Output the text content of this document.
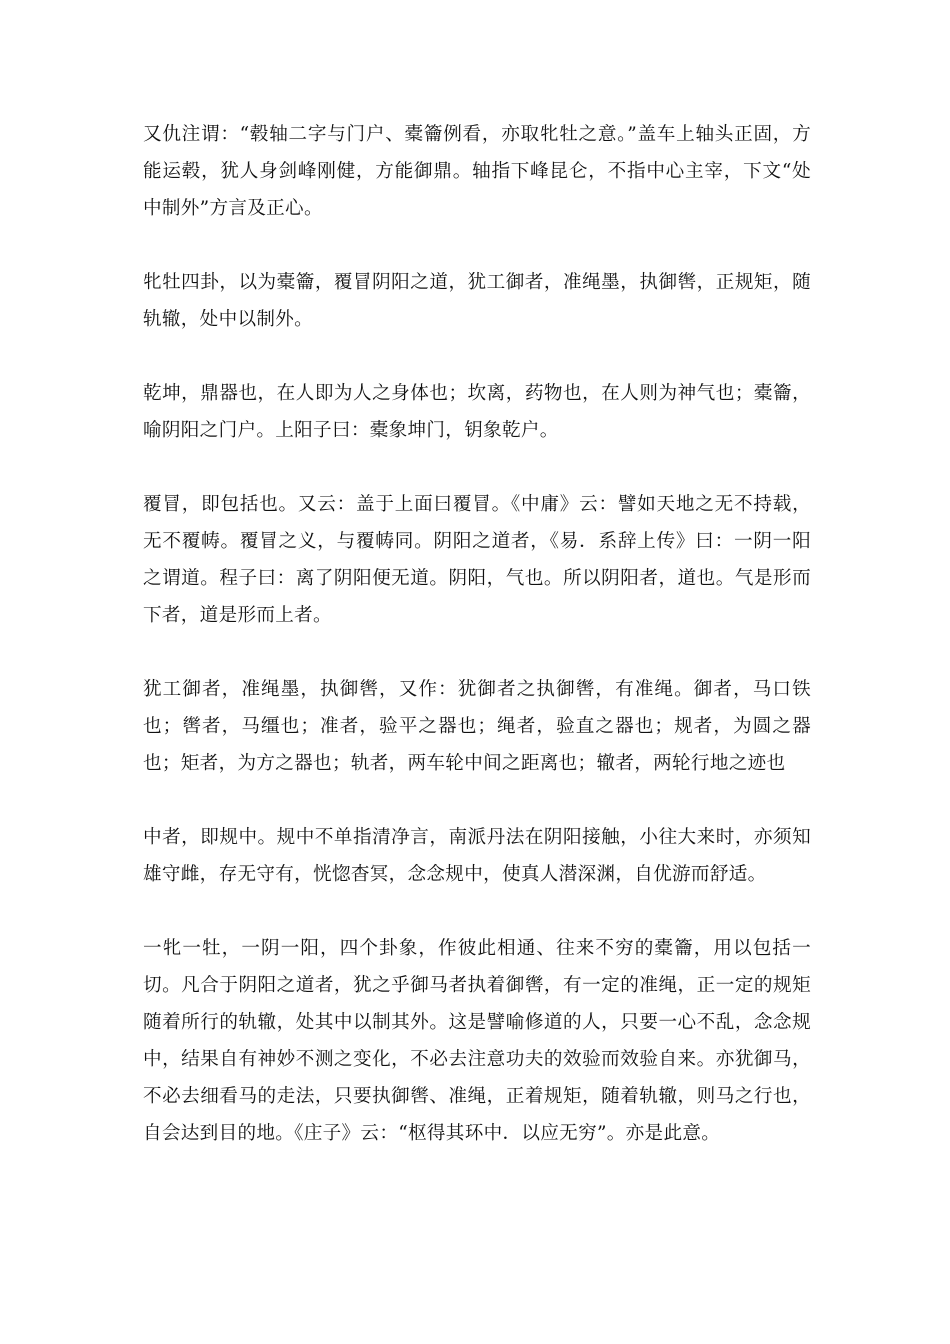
又仇注谓：“毂轴二字与门户、橐籥例看，亦取牝牡之意。”盖车上轴头正固，方能运毂，犹人身剑峰刚健，方能御鼎。轴指下峰昆仑，不指中心主宰，下文“处中制外”方言及正心。

牝牡四卦，以为橐籥，覆冒阴阳之道，犹工御者，准绳墨，执御辔，正规矩，随轨辙，处中以制外。

乾坤，鼎器也，在人即为人之身体也；坎离，药物也，在人则为神气也；橐籥，喻阴阳之门户。上阳子曰：橐象坤门，钥象乾户。

覆冒，即包括也。又云：盖于上面曰覆冒。《中庸》云：譬如天地之无不持载，无不覆帱。覆冒之义，与覆帱同。阴阳之道者，《易．系辞上传》曰：一阴一阳之谓道。程子曰：离了阴阳便无道。阴阳，气也。所以阴阳者，道也。气是形而下者，道是形而上者。

犹工御者，准绳墨，执御辔，又作：犹御者之执御辔，有准绳。御者，马口铁也；辔者，马缰也；准者，验平之器也；绳者，验直之器也；规者，为圆之器也；矩者，为方之器也；轨者，两车轮中间之距离也；辙者，两轮行地之迹也

中者，即规中。规中不单指清净言，南派丹法在阴阳接触，小往大来时，亦须知雄守雌，存无守有，恍惚杳冥，念念规中，使真人潜深渊，自优游而舒适。

一牝一牡，一阴一阳，四个卦象，作彼此相通、往来不穷的橐籥，用以包括一切。凡合于阴阳之道者，犹之乎御马者执着御辔，有一定的准绳，正一定的规矩随着所行的轨辙，处其中以制其外。这是譬喻修道的人，只要一心不乱，念念规中，结果自有神妙不测之变化，不必去注意功夫的效验而效验自来。亦犹御马，不必去细看马的走法，只要执御辔、准绳，正着规矩，随着轨辙，则马之行也，自会达到目的地。《庄子》云：“枢得其环中．以应无穷”。亦是此意。
